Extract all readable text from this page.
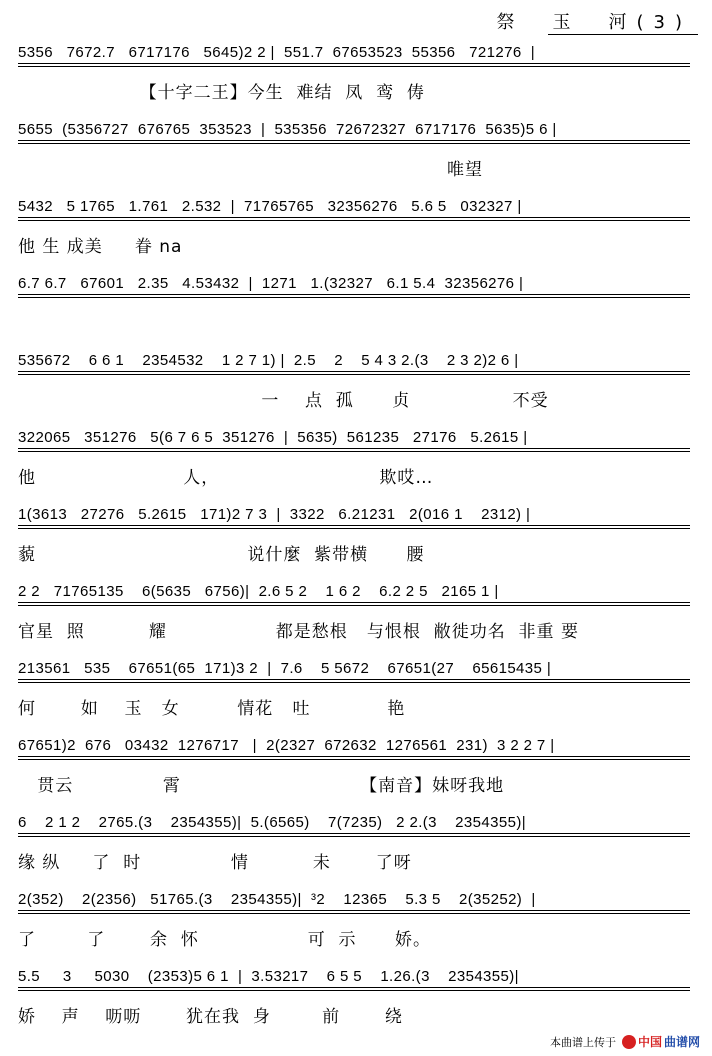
祭　玉　河(3)
5356   7672.7   6717176   5645)2 2 |  551.7  67653523  55356   721276  |
【十字二王】今生  难结  凤  鸾  俦
5655  (5356727  676765  353523  |  535356  72672327  6717176  5635)5 6 |
唯望
5432   5 1765   1.761   2.532  |  71765765   32356276   5.6 5   032327 |
他 生 成美     眷 na
6.7 6.7   67601   2.35   4.53432  |  1271   1.(32327   6.1 5.4  32356276 |
535672    6 6 1    2354532    1 2 7 1) |  2.5    2    5 4 3 2.(3    2 3 2)2 6 |
一    点  孤      贞                不受
322065   351276   5(6 7 6 5  351276  |  5635)  561235   27176   5.2615 |
他                       人，                         欺哎…
1(3613   27276   5.2615   171)2 7 3  |  3322   6.21231   2(016 1    2312) |
藐                                 说什麼  紫带横      腰
2 2   71765135    6(5635   6756)|  2.6 5 2    1 6 2    6.2 2 5   2165 1 |
官星  照          耀                 都是愁根   与恨根  敝徙功名  非重 要
213561   535    67651(65  171)3 2  |  7.6    5 5672    67651(27    65615435 |
何       如    玉   女         情花   吐            艳
67651)2  676   03432  1276717   |  2(2327  672632  1276561  231)  3 2 2 7 |
贯云              霄                            【南音】妹呀我地
6    2 1 2    2765.(3    2354355)|  5.(6565)    7(7235)   2 2.(3    2354355)|
缘 纵     了  时              情          未       了呀
2(352)    2(2356)   51765.(3    2354355)|  ³2    12365    5.3 5    2(35252)  |
了        了       余  怀                 可  示      娇。
5.5     3     5030    (2353)5 6 1  |  3.53217    6 5 5    1.26.(3    2354355)|
娇    声    呖呖       犹在我  身        前       绕
本曲谱上传于 中国 曲谱网
